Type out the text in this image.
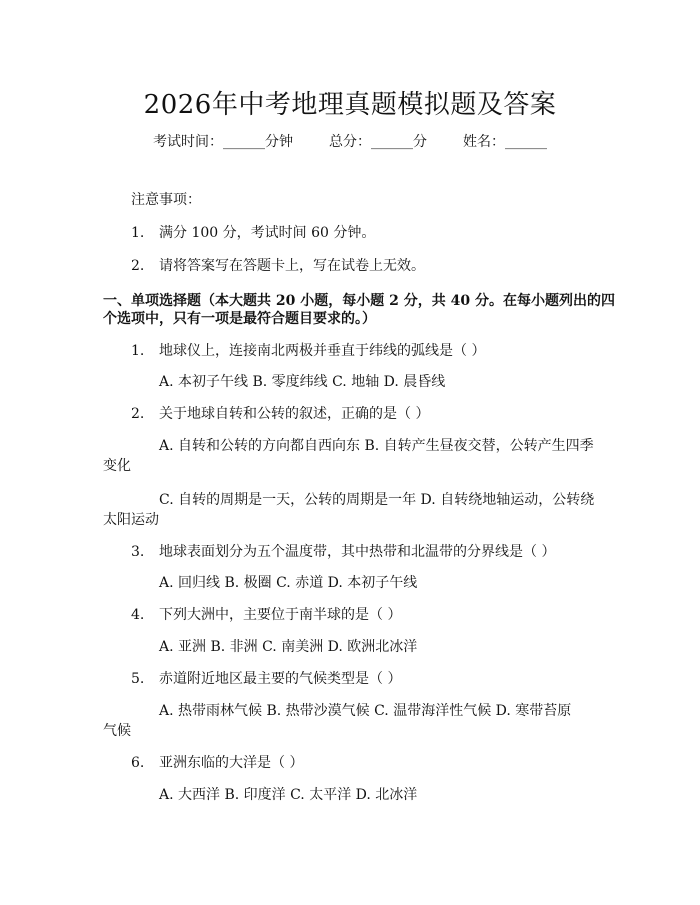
2026年中考地理真题模拟题及答案
考试时间：______分钟	总分：______分	姓名：______
注意事项：
1. 满分 100 分，考试时间 60 分钟。
2. 请将答案写在答题卡上，写在试卷上无效。
一、单项选择题（本大题共 20 小题，每小题 2 分，共 40 分。在每小题列出的四
个选项中，只有一项是最符合题目要求的。）
1. 地球仪上，连接南北两极并垂直于纬线的弧线是（ ）
A. 本初子午线 B. 零度纬线 C. 地轴 D. 晨昏线
2. 关于地球自转和公转的叙述，正确的是（ ）
A. 自转和公转的方向都自西向东 B. 自转产生昼夜交替，公转产生四季
变化
C. 自转的周期是一天，公转的周期是一年 D. 自转绕地轴运动，公转绕
太阳运动
3. 地球表面划分为五个温度带，其中热带和北温带的分界线是（ ）
A. 回归线 B. 极圈 C. 赤道 D. 本初子午线
4. 下列大洲中，主要位于南半球的是（ ）
A. 亚洲 B. 非洲 C. 南美洲 D. 欧洲北冰洋
5. 赤道附近地区最主要的气候类型是（ ）
A. 热带雨林气候 B. 热带沙漠气候 C. 温带海洋性气候 D. 寒带苔原
气候
6. 亚洲东临的大洋是（ ）
A. 大西洋 B. 印度洋 C. 太平洋 D. 北冰洋
